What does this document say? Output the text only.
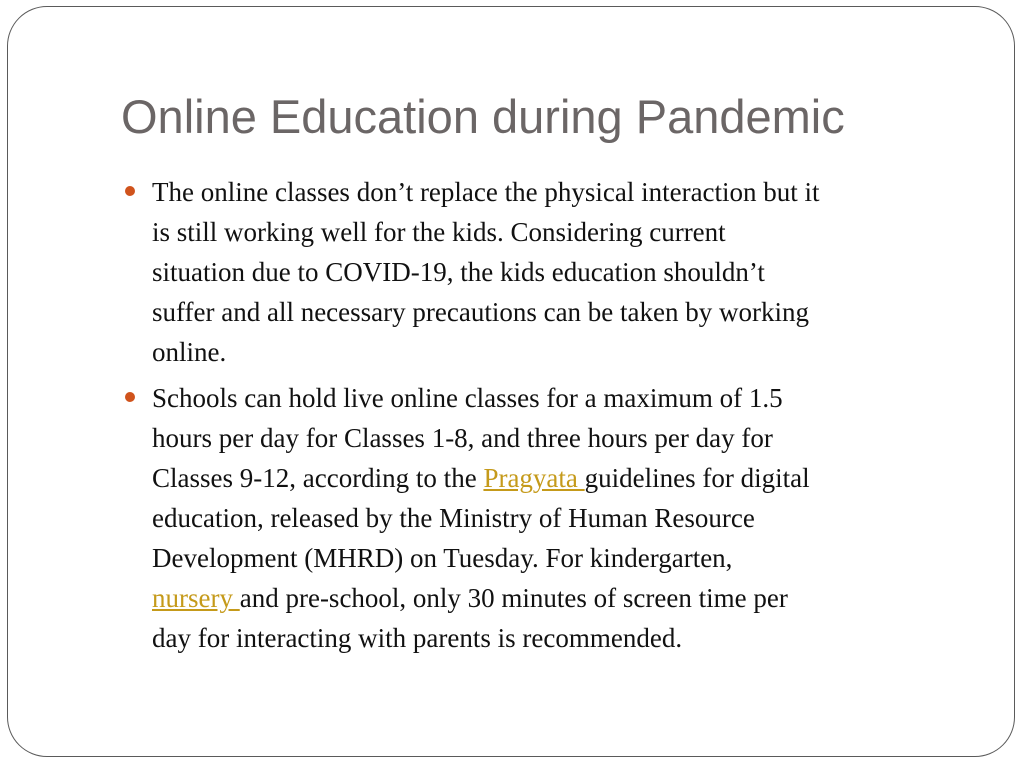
Online Education during Pandemic
The online classes don’t replace the physical interaction but it
is still working well for the kids. Considering current
situation due to COVID-19, the kids education shouldn’t
suffer and all necessary precautions can be taken by working
online.
Schools can hold live online classes for a maximum of 1.5
hours per day for Classes 1-8, and three hours per day for
Classes 9-12, according to the Pragyata guidelines for digital
education, released by the Ministry of Human Resource
Development (MHRD) on Tuesday. For kindergarten,
nursery and pre-school, only 30 minutes of screen time per
day for interacting with parents is recommended.
